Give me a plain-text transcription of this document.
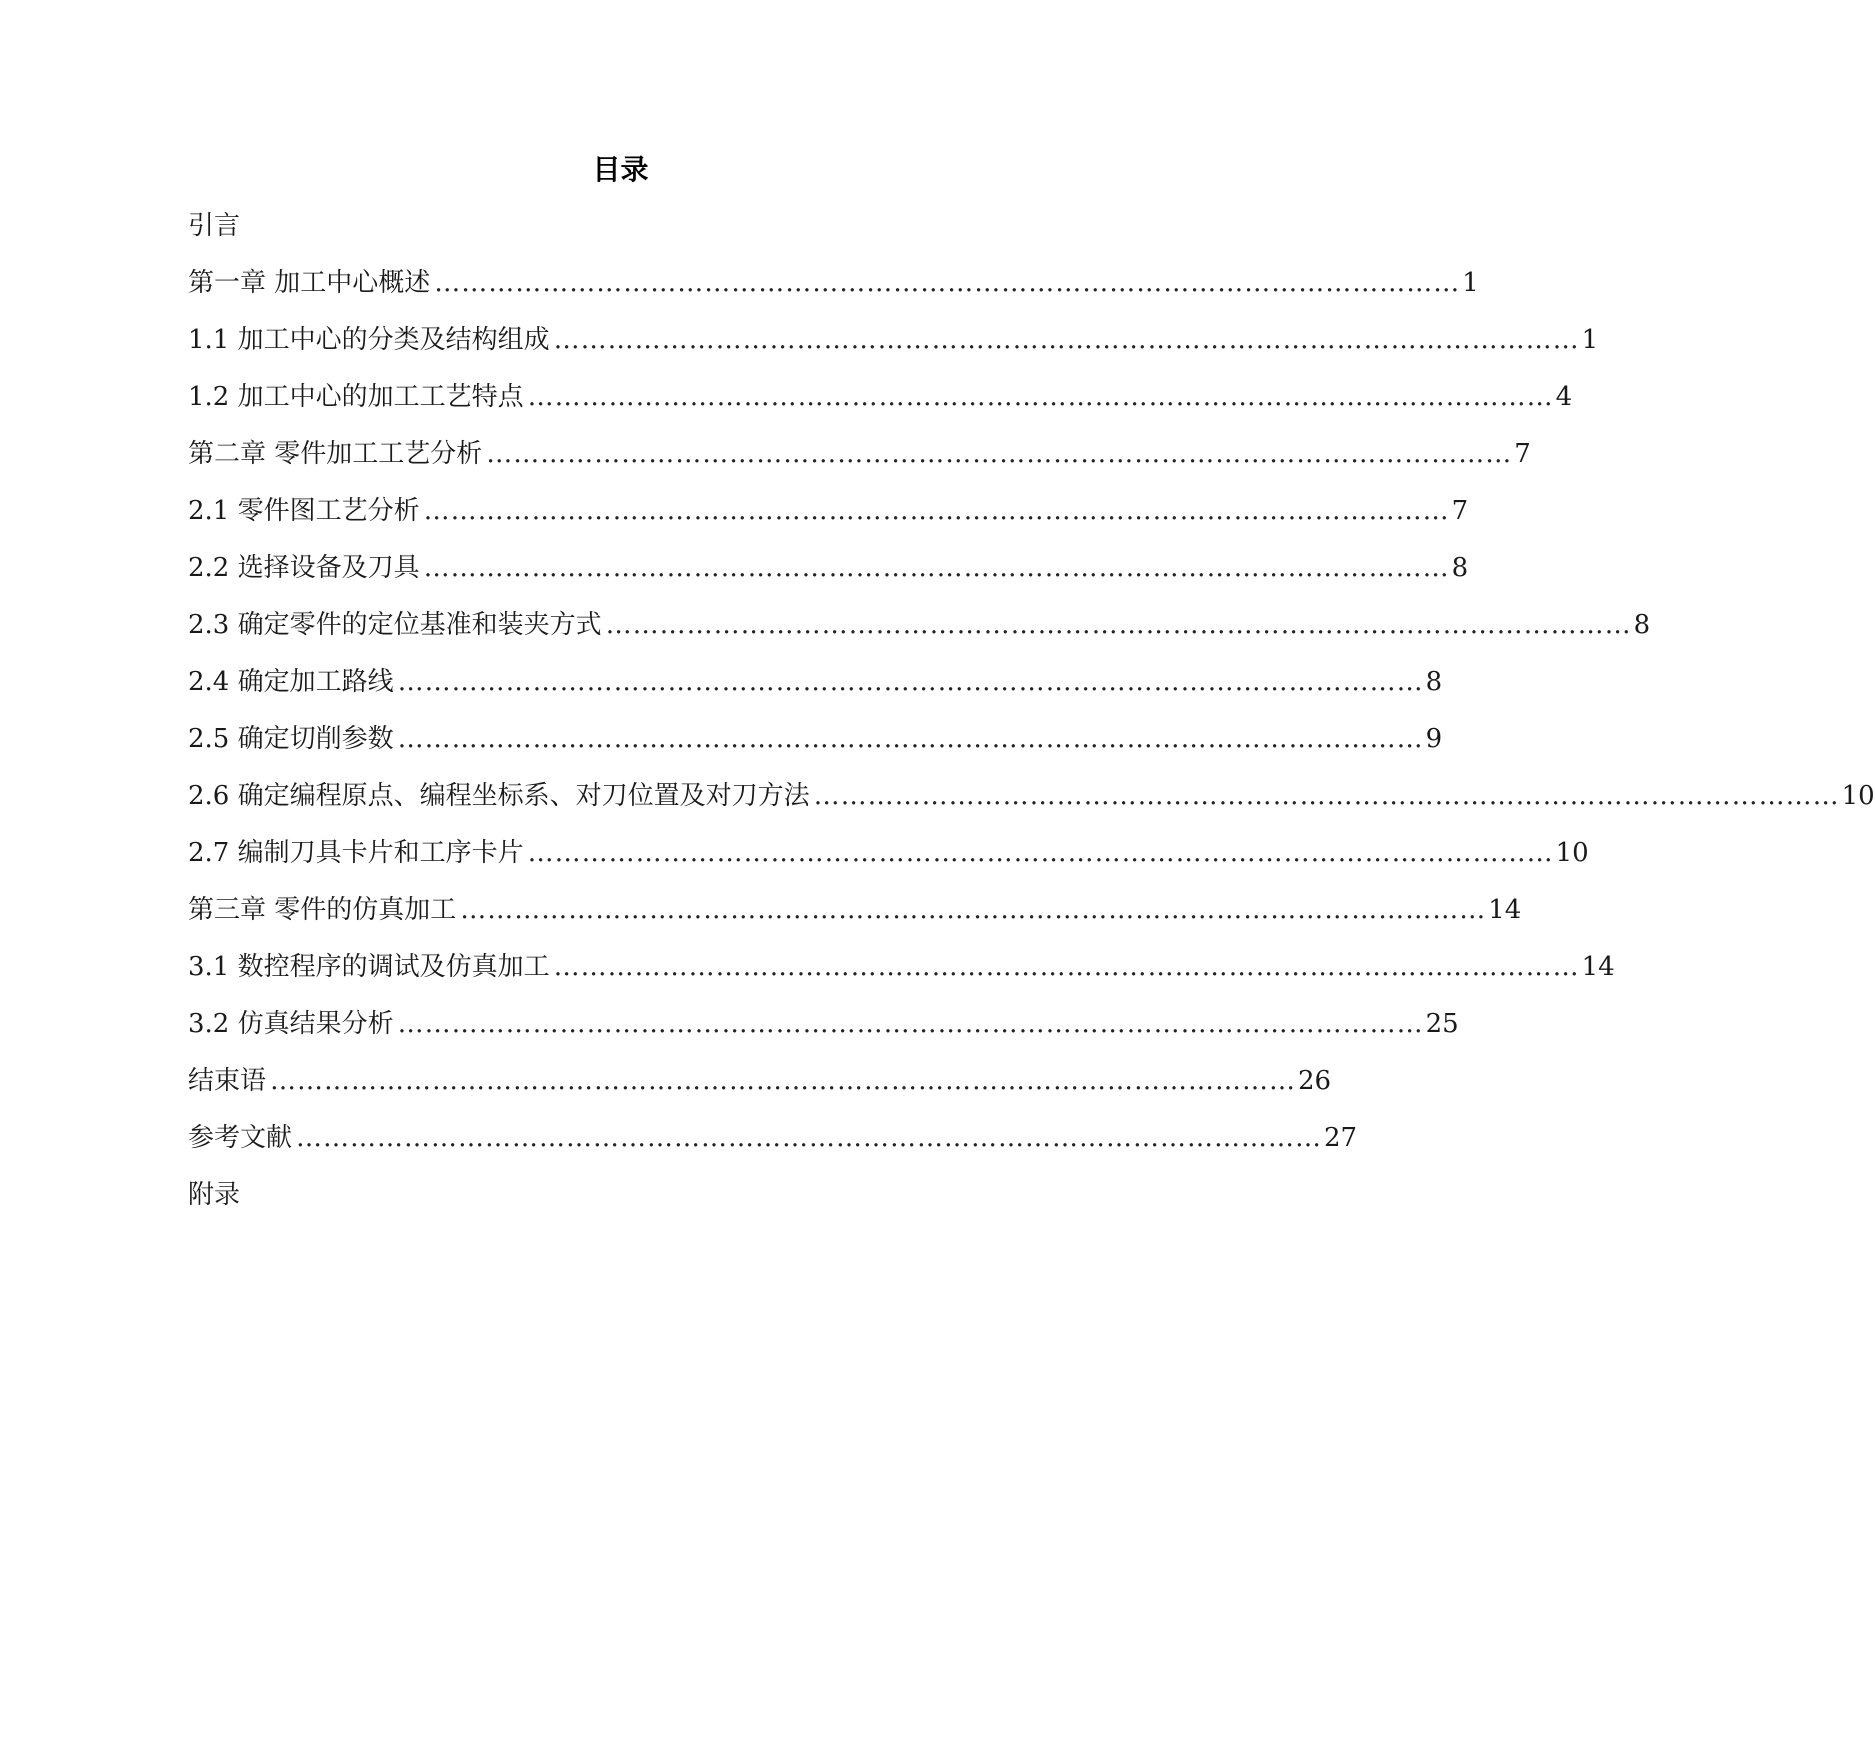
目录
引言
第一章 加工中心概述 …………………………………………………………………………………………………… 1
1.1 加工中心的分类及结构组成 …………………………………………………………………………………………………… 1
1.2 加工中心的加工工艺特点 …………………………………………………………………………………………………… 4
第二章 零件加工工艺分析 …………………………………………………………………………………………………… 7
2.1 零件图工艺分析 …………………………………………………………………………………………………… 7
2.2 选择设备及刀具 …………………………………………………………………………………………………… 8
2.3 确定零件的定位基准和装夹方式 …………………………………………………………………………………………………… 8
2.4 确定加工路线 …………………………………………………………………………………………………… 8
2.5 确定切削参数 …………………………………………………………………………………………………… 9
2.6 确定编程原点、编程坐标系、对刀位置及对刀方法 …………………………………………………………………………………………………… 10
2.7 编制刀具卡片和工序卡片 …………………………………………………………………………………………………… 10
第三章 零件的仿真加工 …………………………………………………………………………………………………… 14
3.1 数控程序的调试及仿真加工 …………………………………………………………………………………………………… 14
3.2 仿真结果分析 …………………………………………………………………………………………………… 25
结束语 …………………………………………………………………………………………………… 26
参考文献 …………………………………………………………………………………………………… 27
附录
